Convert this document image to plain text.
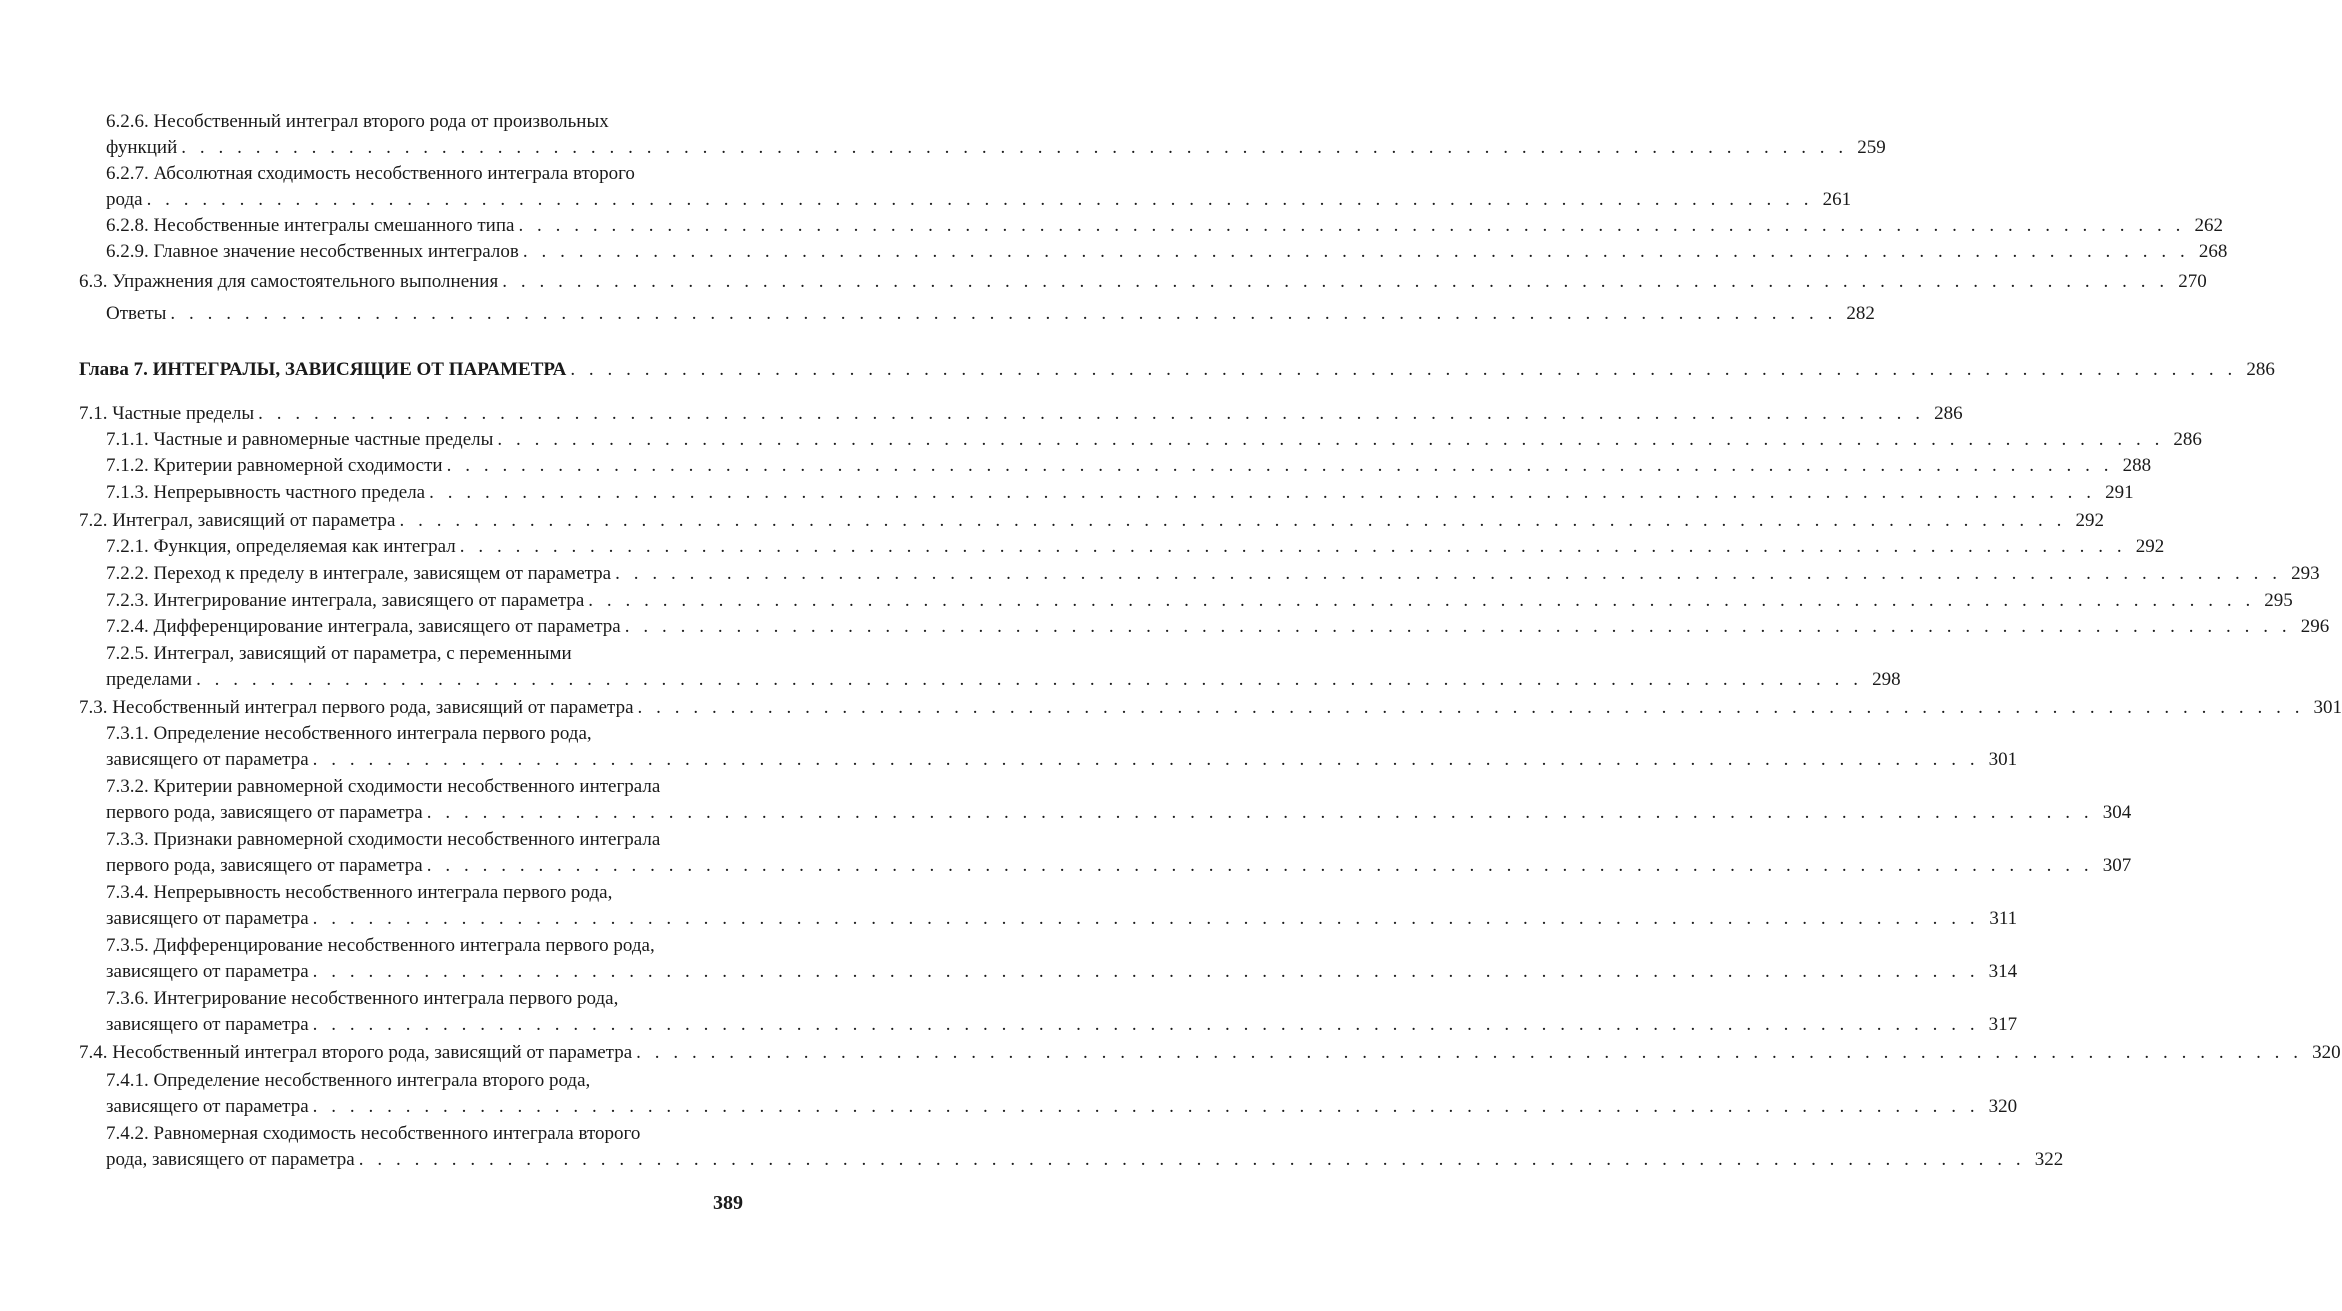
6.2.6. Несобственный интеграл второго рода от произвольных
функций . . . . . . . . . . . . . . . . . . . . . . . . . . . . . . . . . . . . . . . . . . . . . . . . . . . . . . . . . . . . . . . . . . . . . . . . . . . . . . . . . . . . . . . . . . 259
6.2.7. Абсолютная сходимость несобственного интеграла второго
рода . . . . . . . . . . . . . . . . . . . . . . . . . . . . . . . . . . . . . . . . . . . . . . . . . . . . . . . . . . . . . . . . . . . . . . . . . . . . . . . . . . . . . . . . . . 261
6.2.8. Несобственные интегралы смешанного типа . . . . . . . . . . . . . . . . . . . . . . . . . . . . . . . . . . . . . . . . . . . . . . . . . . . . . . . . . . . . . . . . . . . . . . . . . . . . . . . . . . . . . . . . . . 262
6.2.9. Главное значение несобственных интегралов . . . . . . . . . . . . . . . . . . . . . . . . . . . . . . . . . . . . . . . . . . . . . . . . . . . . . . . . . . . . . . . . . . . . . . . . . . . . . . . . . . . . . . . . . . 268
6.3. Упражнения для самостоятельного выполнения . . . . . . . . . . . . . . . . . . . . . . . . . . . . . . . . . . . . . . . . . . . . . . . . . . . . . . . . . . . . . . . . . . . . . . . . . . . . . . . . . . . . . . . . . . 270
Ответы . . . . . . . . . . . . . . . . . . . . . . . . . . . . . . . . . . . . . . . . . . . . . . . . . . . . . . . . . . . . . . . . . . . . . . . . . . . . . . . . . . . . . . . . . . 282
Глава 7. ИНТЕГРАЛЫ, ЗАВИСЯЩИЕ ОТ ПАРАМЕТРА . . . . . . . . . . . . . . . . . . . . . . . . . . . . . . . . . . . . . . . . . . . . . . . . . . . . . . . . . . . . . . . . . . . . . . . . . . . . . . . . . . . . . . . . . . 286
7.1. Частные пределы . . . . . . . . . . . . . . . . . . . . . . . . . . . . . . . . . . . . . . . . . . . . . . . . . . . . . . . . . . . . . . . . . . . . . . . . . . . . . . . . . . . . . . . . . . 286
7.1.1. Частные и равномерные частные пределы . . . . . . . . . . . . . . . . . . . . . . . . . . . . . . . . . . . . . . . . . . . . . . . . . . . . . . . . . . . . . . . . . . . . . . . . . . . . . . . . . . . . . . . . . . 286
7.1.2. Критерии равномерной сходимости . . . . . . . . . . . . . . . . . . . . . . . . . . . . . . . . . . . . . . . . . . . . . . . . . . . . . . . . . . . . . . . . . . . . . . . . . . . . . . . . . . . . . . . . . . 288
7.1.3. Непрерывность частного предела . . . . . . . . . . . . . . . . . . . . . . . . . . . . . . . . . . . . . . . . . . . . . . . . . . . . . . . . . . . . . . . . . . . . . . . . . . . . . . . . . . . . . . . . . . 291
7.2. Интеграл, зависящий от параметра . . . . . . . . . . . . . . . . . . . . . . . . . . . . . . . . . . . . . . . . . . . . . . . . . . . . . . . . . . . . . . . . . . . . . . . . . . . . . . . . . . . . . . . . . . 292
7.2.1. Функция, определяемая как интеграл . . . . . . . . . . . . . . . . . . . . . . . . . . . . . . . . . . . . . . . . . . . . . . . . . . . . . . . . . . . . . . . . . . . . . . . . . . . . . . . . . . . . . . . . . . 292
7.2.2. Переход к пределу в интеграле, зависящем от параметра . . . . . . . . . . . . . . . . . . . . . . . . . . . . . . . . . . . . . . . . . . . . . . . . . . . . . . . . . . . . . . . . . . . . . . . . . . . . . . . . . . . . . . . . . . 293
7.2.3. Интегрирование интеграла, зависящего от параметра . . . . . . . . . . . . . . . . . . . . . . . . . . . . . . . . . . . . . . . . . . . . . . . . . . . . . . . . . . . . . . . . . . . . . . . . . . . . . . . . . . . . . . . . . . 295
7.2.4. Дифференцирование интеграла, зависящего от параметра . . . . . . . . . . . . . . . . . . . . . . . . . . . . . . . . . . . . . . . . . . . . . . . . . . . . . . . . . . . . . . . . . . . . . . . . . . . . . . . . . . . . . . . . . . 296
7.2.5. Интеграл, зависящий от параметра, с переменными
пределами . . . . . . . . . . . . . . . . . . . . . . . . . . . . . . . . . . . . . . . . . . . . . . . . . . . . . . . . . . . . . . . . . . . . . . . . . . . . . . . . . . . . . . . . . . 298
7.3. Несобственный интеграл первого рода, зависящий от параметра . . . . . . . . . . . . . . . . . . . . . . . . . . . . . . . . . . . . . . . . . . . . . . . . . . . . . . . . . . . . . . . . . . . . . . . . . . . . . . . . . . . . . . . . . . 301
7.3.1. Определение несобственного интеграла первого рода,
зависящего от параметра . . . . . . . . . . . . . . . . . . . . . . . . . . . . . . . . . . . . . . . . . . . . . . . . . . . . . . . . . . . . . . . . . . . . . . . . . . . . . . . . . . . . . . . . . . 301
7.3.2. Критерии равномерной сходимости несобственного интеграла
первого рода, зависящего от параметра . . . . . . . . . . . . . . . . . . . . . . . . . . . . . . . . . . . . . . . . . . . . . . . . . . . . . . . . . . . . . . . . . . . . . . . . . . . . . . . . . . . . . . . . . . 304
7.3.3. Признаки равномерной сходимости несобственного интеграла
первого рода, зависящего от параметра . . . . . . . . . . . . . . . . . . . . . . . . . . . . . . . . . . . . . . . . . . . . . . . . . . . . . . . . . . . . . . . . . . . . . . . . . . . . . . . . . . . . . . . . . . 307
7.3.4. Непрерывность несобственного интеграла первого рода,
зависящего от параметра . . . . . . . . . . . . . . . . . . . . . . . . . . . . . . . . . . . . . . . . . . . . . . . . . . . . . . . . . . . . . . . . . . . . . . . . . . . . . . . . . . . . . . . . . . 311
7.3.5. Дифференцирование несобственного интеграла первого рода,
зависящего от параметра . . . . . . . . . . . . . . . . . . . . . . . . . . . . . . . . . . . . . . . . . . . . . . . . . . . . . . . . . . . . . . . . . . . . . . . . . . . . . . . . . . . . . . . . . . 314
7.3.6. Интегрирование несобственного интеграла первого рода,
зависящего от параметра . . . . . . . . . . . . . . . . . . . . . . . . . . . . . . . . . . . . . . . . . . . . . . . . . . . . . . . . . . . . . . . . . . . . . . . . . . . . . . . . . . . . . . . . . . 317
7.4. Несобственный интеграл второго рода, зависящий от параметра . . . . . . . . . . . . . . . . . . . . . . . . . . . . . . . . . . . . . . . . . . . . . . . . . . . . . . . . . . . . . . . . . . . . . . . . . . . . . . . . . . . . . . . . . . 320
7.4.1. Определение несобственного интеграла второго рода,
зависящего от параметра . . . . . . . . . . . . . . . . . . . . . . . . . . . . . . . . . . . . . . . . . . . . . . . . . . . . . . . . . . . . . . . . . . . . . . . . . . . . . . . . . . . . . . . . . . 320
7.4.2. Равномерная сходимость несобственного интеграла второго
рода, зависящего от параметра . . . . . . . . . . . . . . . . . . . . . . . . . . . . . . . . . . . . . . . . . . . . . . . . . . . . . . . . . . . . . . . . . . . . . . . . . . . . . . . . . . . . . . . . . . 322
389
